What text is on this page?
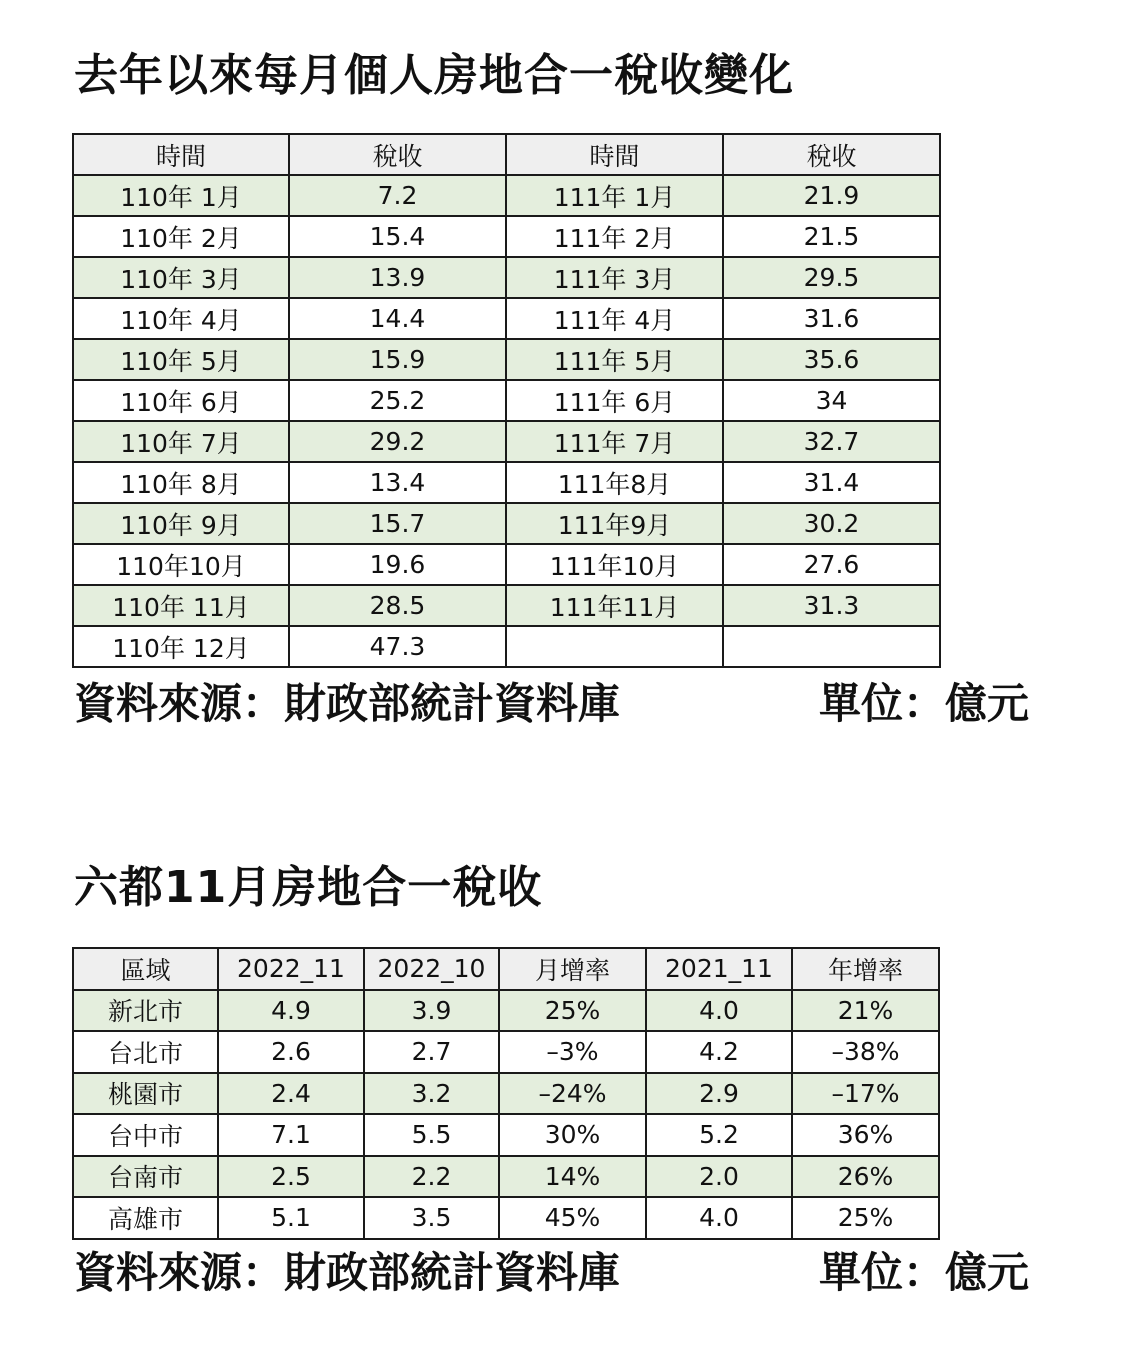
去年以來每月個人房地合一稅收變化
時間	稅收	時間	稅收
110年 1月	7.2	111年 1月	21.9
110年 2月	15.4	111年 2月	21.5
110年 3月	13.9	111年 3月	29.5
110年 4月	14.4	111年 4月	31.6
110年 5月	15.9	111年 5月	35.6
110年 6月	25.2	111年 6月	34
110年 7月	29.2	111年 7月	32.7
110年 8月	13.4	111年8月	31.4
110年 9月	15.7	111年9月	30.2
110年10月	19.6	111年10月	27.6
110年 11月	28.5	111年11月	31.3
110年 12月	47.3		
資料來源：財政部統計資料庫	單位：億元
六都11月房地合一稅收
區域	2022_11	2022_10	月增率	2021_11	年增率
新北市	4.9	3.9	25%	4.0	21%
台北市	2.6	2.7	–3%	4.2	–38%
桃園市	2.4	3.2	–24%	2.9	–17%
台中市	7.1	5.5	30%	5.2	36%
台南市	2.5	2.2	14%	2.0	26%
高雄市	5.1	3.5	45%	4.0	25%
資料來源：財政部統計資料庫	單位：億元
